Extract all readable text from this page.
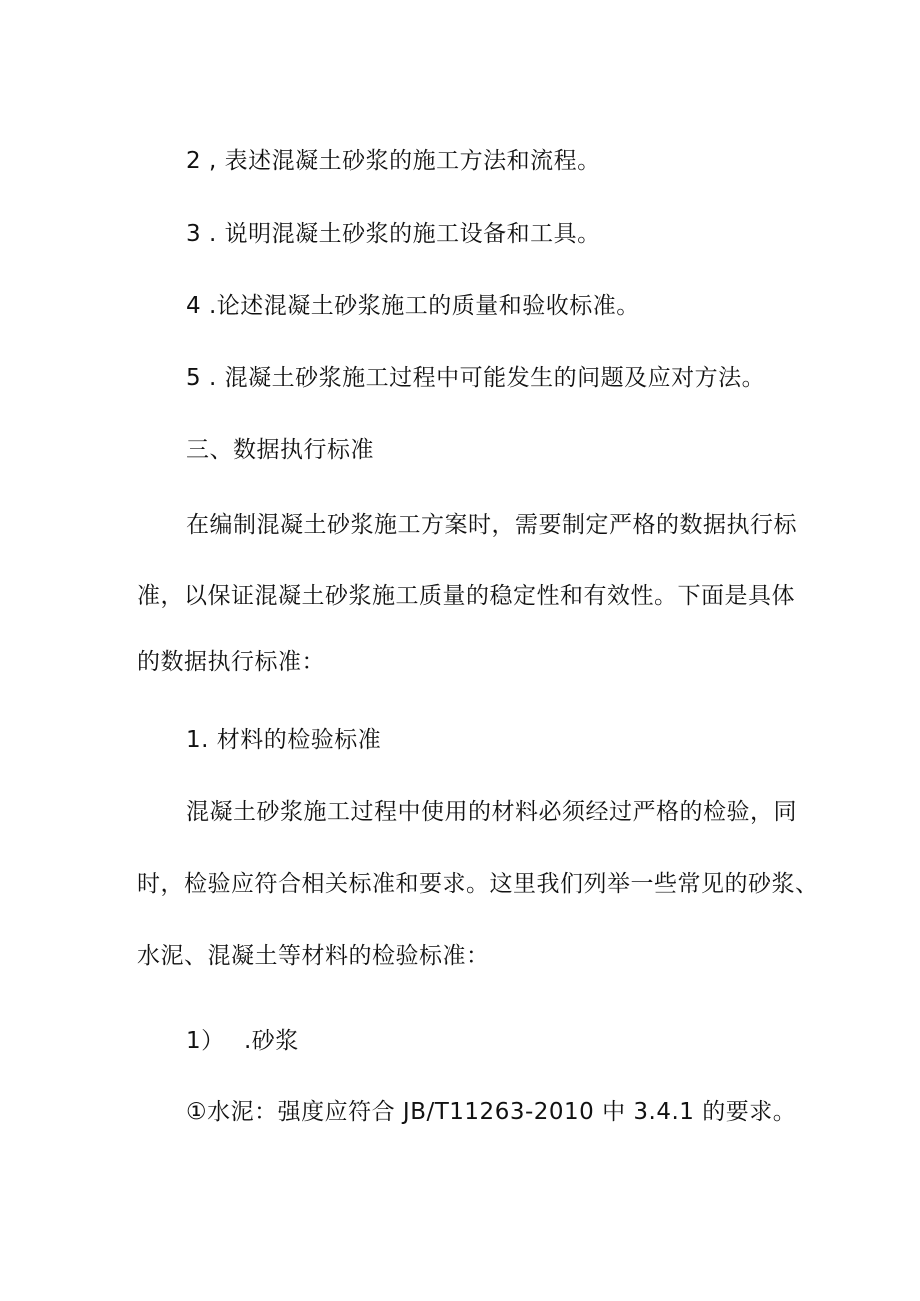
2 , 表述混凝土砂浆的施工方法和流程。
3 . 说明混凝土砂浆的施工设备和工具。
4 .论述混凝土砂浆施工的质量和验收标准。
5 . 混凝土砂浆施工过程中可能发生的问题及应对方法。
三、数据执行标准
在编制混凝土砂浆施工方案时，需要制定严格的数据执行标
准，以保证混凝土砂浆施工质量的稳定性和有效性。下面是具体
的数据执行标准：
1. 材料的检验标准
混凝土砂浆施工过程中使用的材料必须经过严格的检验，同
时，检验应符合相关标准和要求。这里我们列举一些常见的砂浆、
水泥、混凝土等材料的检验标准：
1） .砂浆
①水泥：强度应符合 JB/T11263-2010 中 3.4.1 的要求。
